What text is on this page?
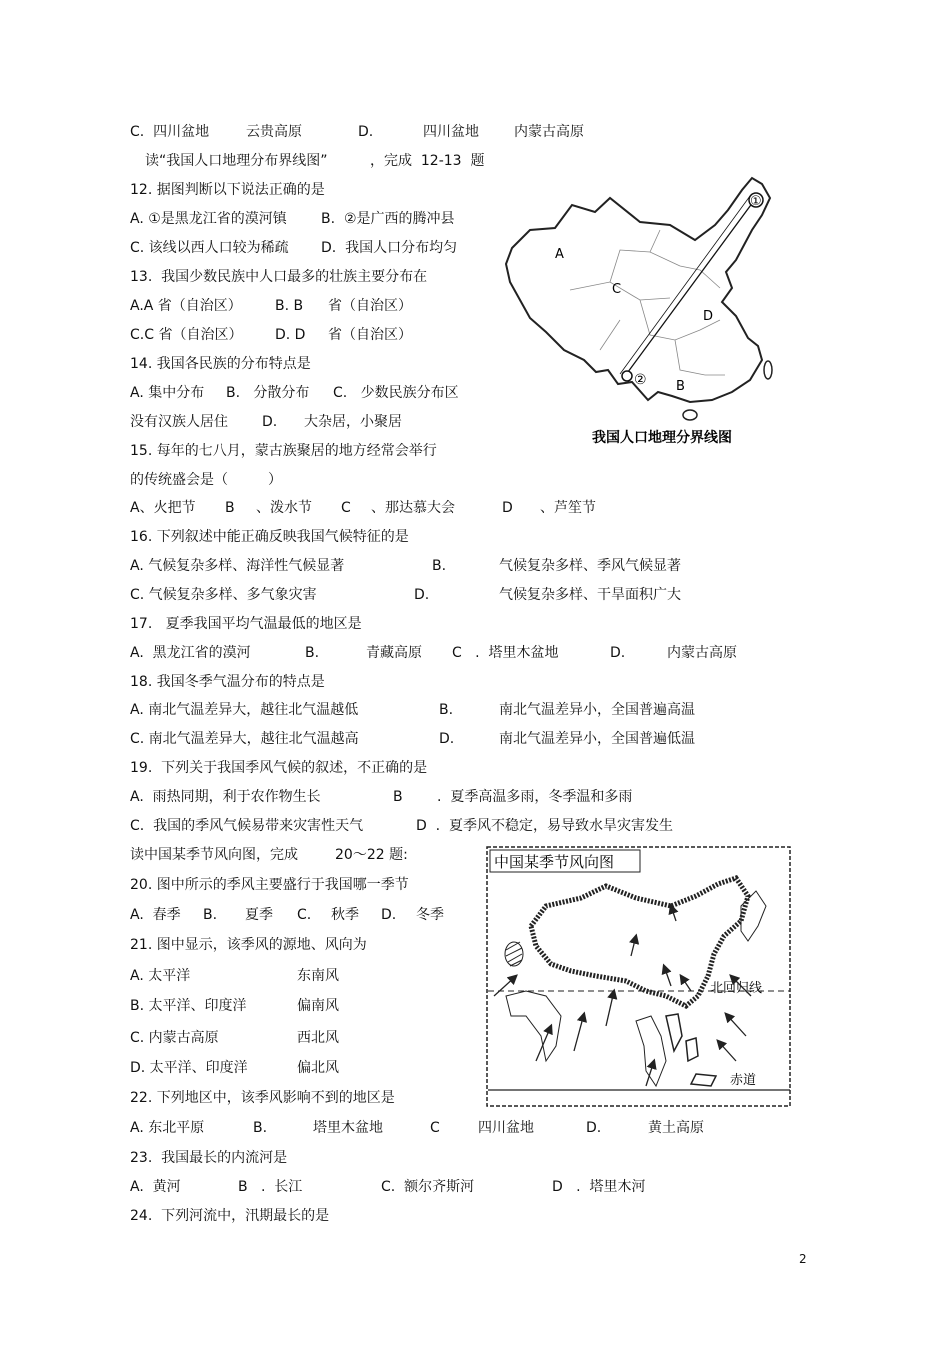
C.  四川盆地	云贵高原	D.	四川盆地	内蒙古高原
读“我国人口地理分布界线图”	，完成  12-13  题
12. 据图判断以下说法正确的是
A. ①是黑龙江省的漠河镇 B.  ②是广西的腾冲县
C. 该线以西人口较为稀疏 D.  我国人口分布均匀
13.  我国少数民族中人口最多的壮族主要分布在
A.A 省（自治区） B. B 省（自治区）
C.C 省（自治区） D. D 省（自治区）
14. 我国各民族的分布特点是
A. 集中分布 B.   分散分布 C.   少数民族分布区
没有汉族人居住 D. 大杂居，小聚居
15. 每年的七八月，蒙古族聚居的地方经常会举行
的传统盛会是（         ）
A、火把节 B 、泼水节 C 、那达慕大会	D 、芦笙节
16. 下列叙述中能正确反映我国气候特征的是
A. 气候复杂多样、海洋性气候显著	B.	气候复杂多样、季风气候显著
C. 气候复杂多样、多气象灾害	D.	气候复杂多样、干旱面积广大
17.   夏季我国平均气温最低的地区是
A.  黑龙江省的漠河	B.	青藏高原 C   .  塔里木盆地	D.	内蒙古高原
18. 我国冬季气温分布的特点是
A. 南北气温差异大，越往北气温越低	B.	南北气温差异小，全国普遍高温
C. 南北气温差异大，越往北气温越高	D.	南北气温差异小，全国普遍低温
19.  下列关于我国季风气候的叙述，不正确的是
A.  雨热同期，利于农作物生长	B .  夏季高温多雨，冬季温和多雨
C.  我国的季风气候易带来灾害性天气	D  .  夏季风不稳定，易导致水旱灾害发生
读中国某季节风向图，完成	20～22 题:
20. 图中所示的季风主要盛行于我国哪一季节
A.  春季 B. 夏季 C. 秋季 D. 冬季
21. 图中显示，该季风的源地、风向为
A. 太平洋	东南风
B. 太平洋、印度洋	偏南风
C. 内蒙古高原	西北风
D. 太平洋、印度洋	偏北风
22. 下列地区中，该季风影响不到的地区是
A. 东北平原	B.	塔里木盆地	C	四川盆地	D.	黄土高原
23.  我国最长的内流河是
A.  黄河	B   .  长江	C.  额尔齐斯河	D   .  塔里木河
24.  下列河流中，汛期最长的是
①
②
A
C
D
B
我国人口地理分界线图
中国某季节风向图
北回归线
赤道
2
